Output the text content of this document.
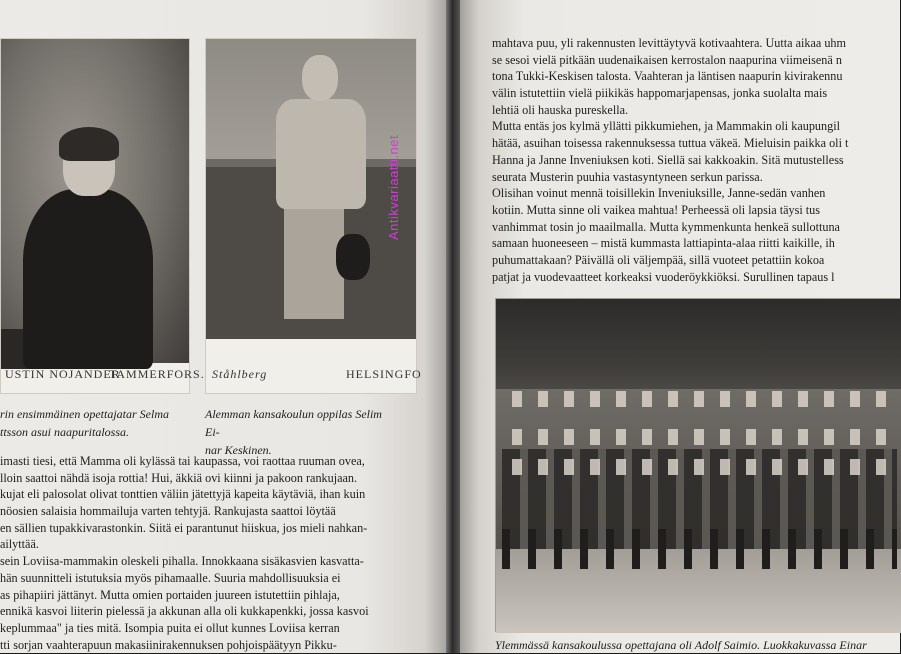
USTIN NOJANDER
TAMMERFORS. Ståhlberg	HELSINGFO
Antikvariaatti.net
rin ensimmäinen opettajatar Selma
ttsson asui naapuritalossa.
Alemman kansakoulun oppilas Selim Ei-
nar Keskinen.
imasti tiesi, että Mamma oli kylässä tai kaupassa, voi raottaa ruuman ovea,
lloin saattoi nähdä isoja rottia! Hui, äkkiä ovi kiinni ja pakoon rankujaan.
kujat eli palosolat olivat tonttien väliin jätettyjä kapeita käytäviä, ihan kuin
nöosien salaisia hommailuja varten tehtyjä. Rankujasta saattoi löytää
en sällien tupakkivarastonkin. Siitä ei parantunut hiiskua, jos mieli nahkan-
ailyttää.
sein Loviisa-mammakin oleskeli pihalla. Innokkaana sisäkasvien kasvatta-
hän suunnitteli istutuksia myös pihamaalle. Suuria mahdollisuuksia ei
as pihapiiri jättänyt. Mutta omien portaiden juureen istutettiin pihlaja,
ennikä kasvoi liiterin pielessä ja akkunan alla oli kukkapenkki, jossa kasvoi
keplummaa" ja ties mitä. Isompia puita ei ollut kunnes Loviisa kerran
tti sorjan vaahterapuun makasiinirakennuksen pohjoispäätyyn Pikku-
mahtava puu, yli rakennusten levittäytyvä kotivaahtera. Uutta aikaa uhm
se sesoi vielä pitkään uudenaikaisen kerrostalon naapurina viimeisenä n
tona Tukki-Keskisen talosta. Vaahteran ja läntisen naapurin kivirakennu
välin istutettiin vielä piikikäs happomarjapensas, jonka suolalta mais
lehtiä oli hauska pureskella.
Mutta entäs jos kylmä yllätti pikkumiehen, ja Mammakin oli kaupungil
hätää, asuihan toisessa rakennuksessa tuttua väkeä. Mieluisin paikka oli t
Hanna ja Janne Inveniuksen koti. Siellä sai kakkoakin. Sitä mutustelless
seurata Musterin puuhia vastasyntyneen serkun parissa.
Olisihan voinut mennä toisillekin Inveniuksille, Janne-sedän vanhen
kotiin. Mutta sinne oli vaikea mahtua! Perheessä oli lapsia täysi tus
vanhimmat tosin jo maailmalla. Mutta kymmenkunta henkeä sullottuna
samaan huoneeseen – mistä kummasta lattiapinta-alaa riitti kaikille, ih
puhumattakaan? Päivällä oli väljempää, sillä vuoteet petattiin kokoa
patjat ja vuodevaatteet korkeaksi vuoderöykkiöksi. Surullinen tapaus l
Ylemmässä kansakoulussa opettajana oli Adolf Saimio. Luokkakuvassa Einar
